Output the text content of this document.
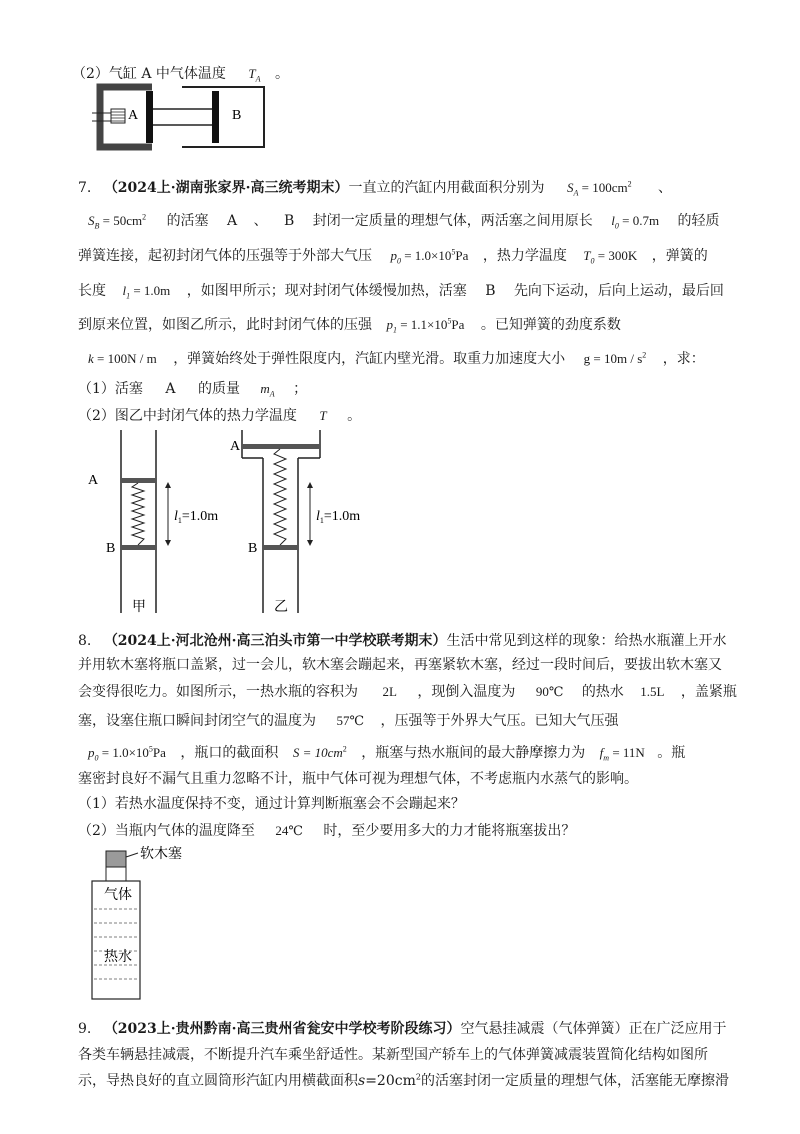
（2）气缸 A 中气体温度 $T_A$ 。
A	B
7. （2024上·湖南张家界·高三统考期末）一直立的汽缸内用截面积分别为 $S_A = 100cm^2$ 、
$S_B = 50cm^2$ 的活塞 A 、 B 封闭一定质量的理想气体，两活塞之间用原长 $l_0 = 0.7m$ 的轻质
弹簧连接，起初封闭气体的压强等于外部大气压 $p_0 = 1.0\times 10^5Pa$ ，热力学温度 $T_0 = 300K$ ，弹簧的
长度 $l_1 = 1.0m$ ，如图甲所示；现对封闭气体缓慢加热，活塞 B 先向下运动，后向上运动，最后回
到原来位置，如图乙所示，此时封闭气体的压强 $p_1 = 1.1\times 10^5Pa$ 。已知弹簧的劲度系数
k = 100N / m ，弹簧始终处于弹性限度内，汽缸内壁光滑。取重力加速度大小 $g = 10m / s^2$ ，求：
（1）活塞 A 的质量 $m_A$ ；
（2）图乙中封闭气体的热力学温度 T 。
A
B
$l_1=1.0m$
甲
A
B
$l_1=1.0m$
乙
8. （2024上·河北沧州·高三泊头市第一中学校联考期末）生活中常见到这样的现象：给热水瓶灌上开水
并用软木塞将瓶口盖紧，过一会儿，软木塞会蹦起来，再塞紧软木塞，经过一段时间后，要拔出软木塞又
会变得很吃力。如图所示，一热水瓶的容积为 2L ，现倒入温度为 90℃ 的热水 1.5L ，盖紧瓶
塞，设塞住瓶口瞬间封闭空气的温度为 57℃ ，压强等于外界大气压。已知大气压强
$p_0 = 1.0\times 10^5Pa$ ，瓶口的截面积 $S = 10cm^2$ ，瓶塞与热水瓶间的最大静摩擦力为 $f_m = 11N$ 。瓶
塞密封良好不漏气且重力忽略不计，瓶中气体可视为理想气体，不考虑瓶内水蒸气的影响。
（1）若热水温度保持不变，通过计算判断瓶塞会不会蹦起来？
（2）当瓶内气体的温度降至 24℃ 时，至少要用多大的力才能将瓶塞拔出？
软木塞
气体
热水
9. （2023上·贵州黔南·高三贵州省瓮安中学校考阶段练习）空气悬挂减震（气体弹簧）正在广泛应用于
各类车辆悬挂减震，不断提升汽车乘坐舒适性。某新型国产轿车上的气体弹簧减震装置简化结构如图所
示，导热良好的直立圆筒形汽缸内用横截面积$s=20cm^2$的活塞封闭一定质量的理想气体，活塞能无摩擦滑
